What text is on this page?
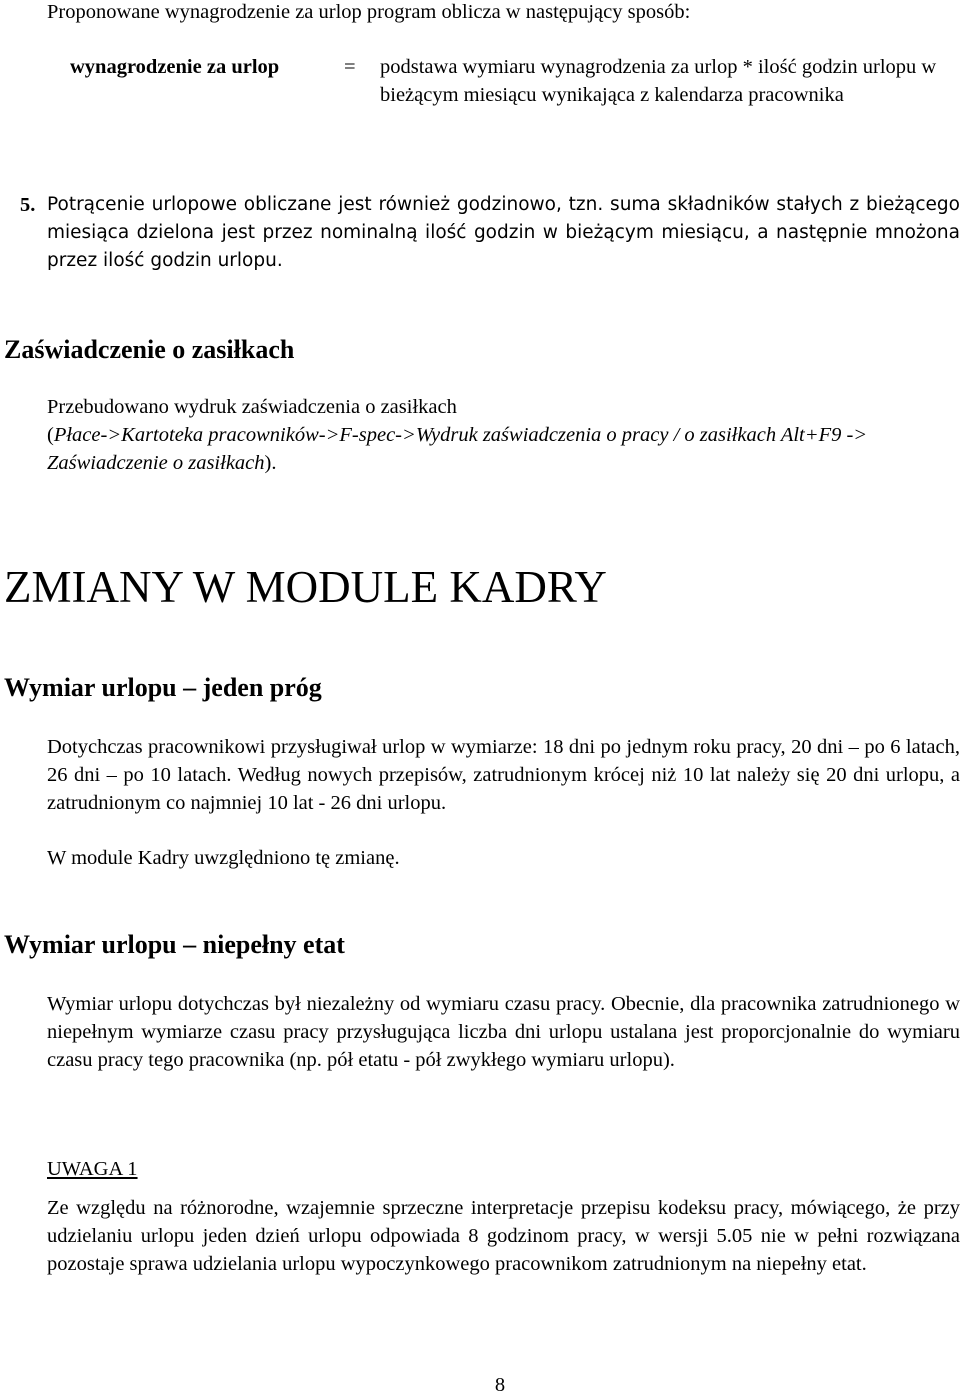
Proponowane wynagrodzenie za urlop program oblicza w następujący sposób:
wynagrodzenie za urlop	= podstawa wymiaru wynagrodzenia za urlop * ilość godzin urlopu w bieżącym miesiącu wynikająca z kalendarza pracownika
5. Potrącenie urlopowe obliczane jest również godzinowo, tzn. suma składników stałych z bieżącego miesiąca dzielona jest przez nominalną ilość godzin w bieżącym miesiącu, a następnie mnożona przez ilość godzin urlopu.
Zaświadczenie o zasiłkach
Przebudowano wydruk zaświadczenia o zasiłkach
(Płace->Kartoteka pracowników->F-spec->Wydruk zaświadczenia o pracy / o zasiłkach Alt+F9 -> Zaświadczenie o zasiłkach).
ZMIANY W MODULE KADRY
Wymiar urlopu – jeden próg
Dotychczas pracownikowi przysługiwał urlop w wymiarze: 18 dni po jednym roku pracy, 20 dni – po 6 latach, 26 dni – po 10 latach. Według nowych przepisów, zatrudnionym krócej niż 10 lat należy się 20 dni urlopu, a zatrudnionym co najmniej 10 lat - 26 dni urlopu.
W module Kadry uwzględniono tę zmianę.
Wymiar urlopu – niepełny etat
Wymiar urlopu dotychczas był niezależny od wymiaru czasu pracy. Obecnie, dla pracownika zatrudnionego w niepełnym wymiarze czasu pracy przysługująca liczba dni urlopu ustalana jest proporcjonalnie do wymiaru czasu pracy tego pracownika (np. pół etatu - pół zwykłego wymiaru urlopu).
UWAGA 1
Ze względu na różnorodne, wzajemnie sprzeczne interpretacje przepisu kodeksu pracy, mówiącego, że przy udzielaniu urlopu jeden dzień urlopu odpowiada 8 godzinom pracy, w wersji 5.05 nie w pełni rozwiązana pozostaje sprawa udzielania urlopu wypoczynkowego pracownikom zatrudnionym na niepełny etat.
8
